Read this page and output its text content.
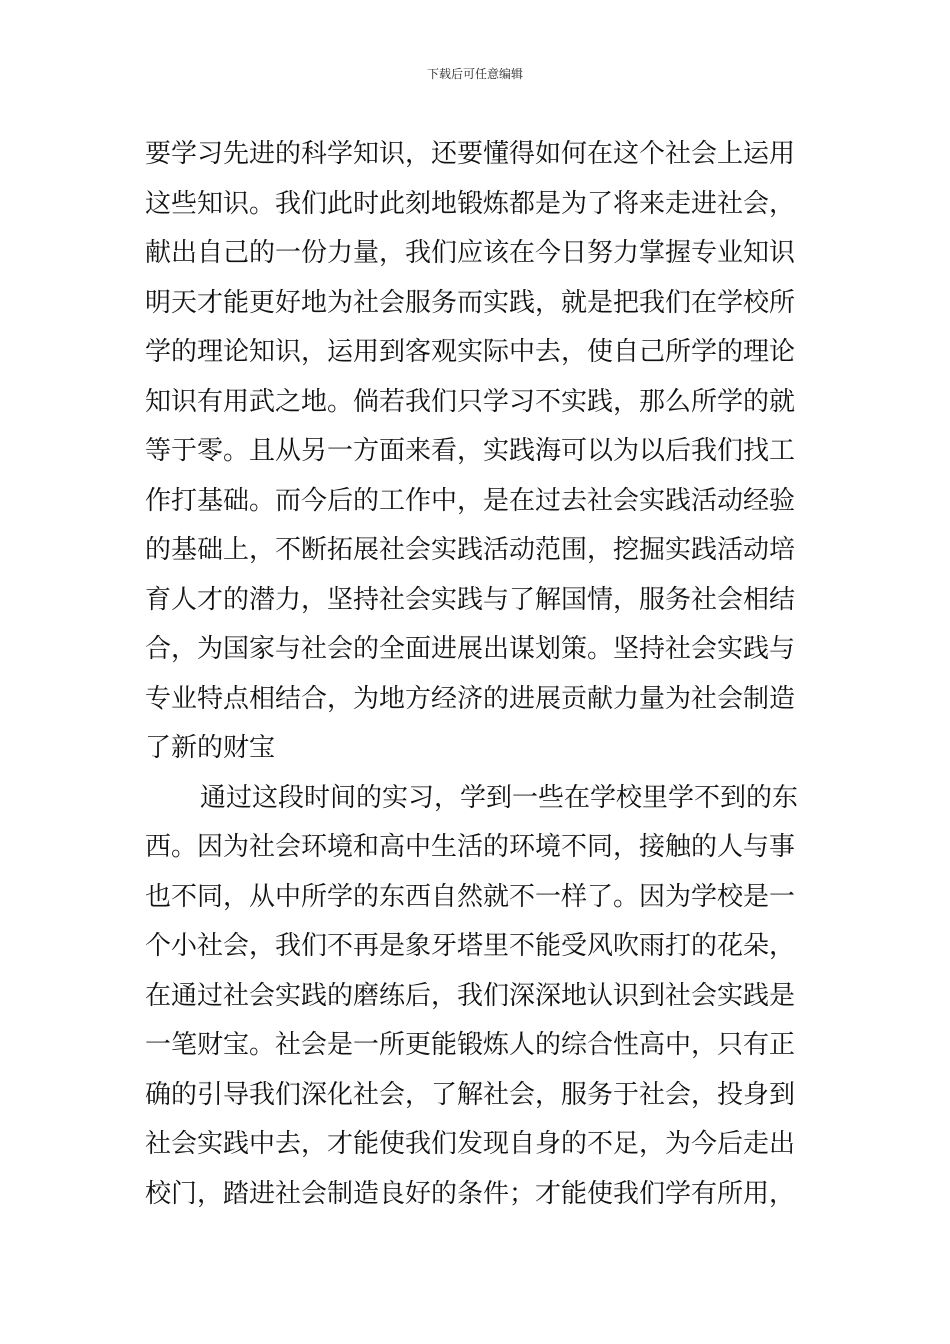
下载后可任意编辑
要学习先进的科学知识，还要懂得如何在这个社会上运用
这些知识。我们此时此刻地锻炼都是为了将来走进社会，
献出自己的一份力量，我们应该在今日努力掌握专业知识
明天才能更好地为社会服务而实践，就是把我们在学校所
学的理论知识，运用到客观实际中去，使自己所学的理论
知识有用武之地。倘若我们只学习不实践，那么所学的就
等于零。且从另一方面来看，实践海可以为以后我们找工
作打基础。而今后的工作中，是在过去社会实践活动经验
的基础上，不断拓展社会实践活动范围，挖掘实践活动培
育人才的潜力，坚持社会实践与了解国情，服务社会相结
合，为国家与社会的全面进展出谋划策。坚持社会实践与
专业特点相结合，为地方经济的进展贡献力量为社会制造
了新的财宝
通过这段时间的实习，学到一些在学校里学不到的东
西。因为社会环境和高中生活的环境不同，接触的人与事
也不同，从中所学的东西自然就不一样了。因为学校是一
个小社会，我们不再是象牙塔里不能受风吹雨打的花朵，
在通过社会实践的磨练后，我们深深地认识到社会实践是
一笔财宝。社会是一所更能锻炼人的综合性高中，只有正
确的引导我们深化社会，了解社会，服务于社会，投身到
社会实践中去，才能使我们发现自身的不足，为今后走出
校门，踏进社会制造良好的条件；才能使我们学有所用，
